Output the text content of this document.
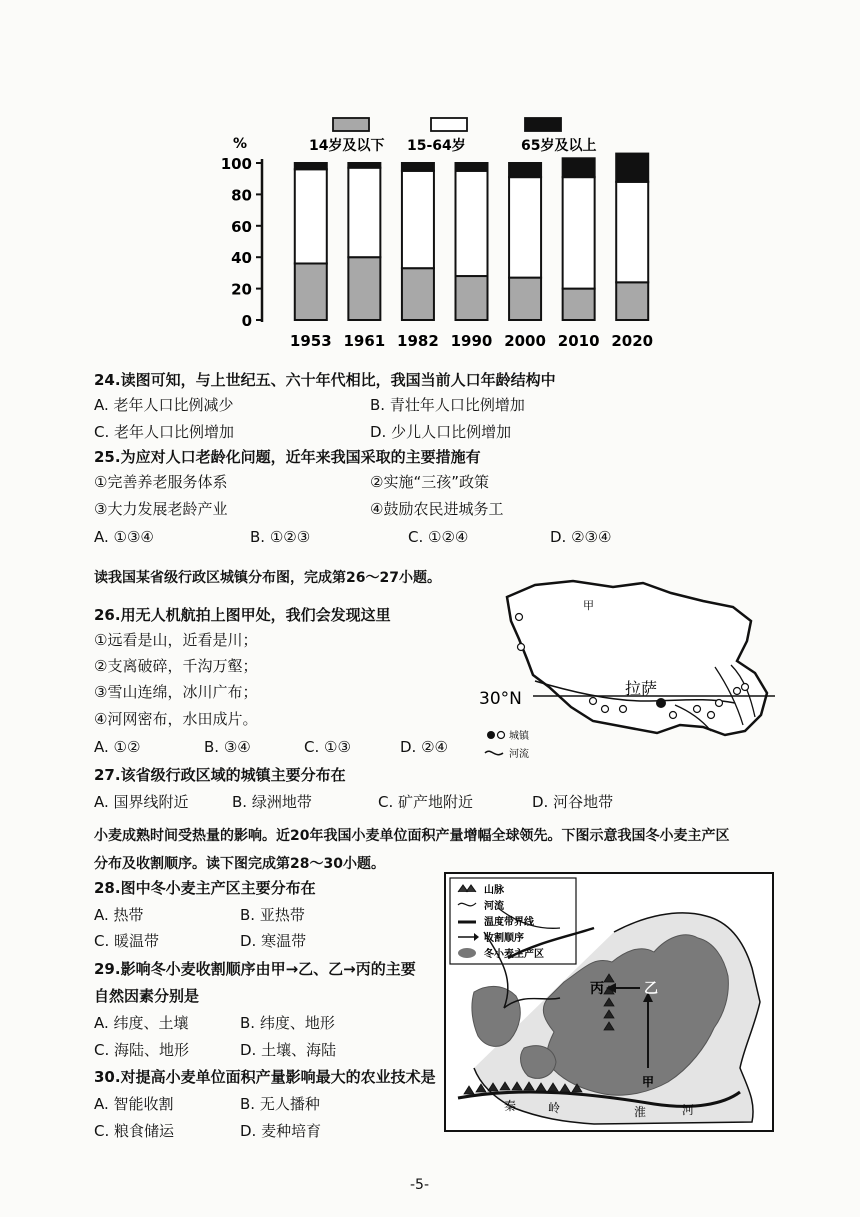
%	14岁及以下 15-64岁	65岁及以上
0
20
40
60
80
100
1953 1961 1982 1990 2000 2010 2020
24.读图可知，与上世纪五、六十年代相比，我国当前人口年龄结构中
A. 老年人口比例减少	B. 青壮年人口比例增加
C. 老年人口比例增加	D. 少儿人口比例增加
25.为应对人口老龄化问题，近年来我国采取的主要措施有
①完善养老服务体系	②实施“三孩”政策
③大力发展老龄产业	④鼓励农民进城务工
A. ①③④	B. ①②③	C. ①②④	D. ②③④
读我国某省级行政区城镇分布图，完成第26～27小题。
26.用无人机航拍上图甲处，我们会发现这里
①远看是山，近看是川；
②支离破碎，千沟万壑；
③雪山连绵，冰川广布；
④河网密布，水田成片。
A. ①②	B. ③④	C. ①③	D. ②④
30°N
甲
拉萨
城镇
河流
27.该省级行政区域的城镇主要分布在
A. 国界线附近	B. 绿洲地带	C. 矿产地附近	D. 河谷地带
小麦成熟时间受热量的影响。近20年我国小麦单位面积产量增幅全球领先。下图示意我国冬小麦主产区
分布及收割顺序。读下图完成第28～30小题。
28.图中冬小麦主产区主要分布在
A. 热带	B. 亚热带
C. 暖温带	D. 寒温带
29.影响冬小麦收割顺序由甲→乙、乙→丙的主要
自然因素分别是
A. 纬度、土壤	B. 纬度、地形
C. 海陆、地形	D. 土壤、海陆
30.对提高小麦单位面积产量影响最大的农业技术是
A. 智能收割	B. 无人播种
C. 粮食储运	D. 麦种培育
山脉
河流
温度带界线
收割顺序
冬小麦主产区
丙	乙
甲
秦	岭	淮	河
-5-
